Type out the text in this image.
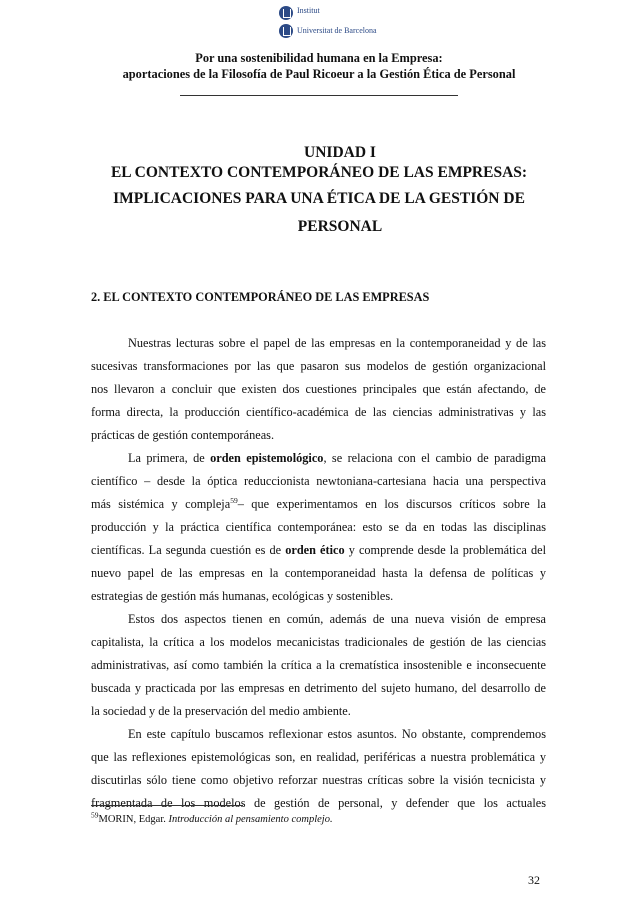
Institut
Universitat de Barcelona
Por una sostenibilidad humana en la Empresa:
aportaciones de la Filosofía de Paul Ricoeur a la Gestión Ética de Personal
UNIDAD I
EL CONTEXTO CONTEMPORÁNEO DE LAS EMPRESAS:
IMPLICACIONES PARA UNA ÉTICA DE LA GESTIÓN DE
PERSONAL
2. EL CONTEXTO CONTEMPORÁNEO DE LAS EMPRESAS
Nuestras lecturas sobre el papel de las empresas en la contemporaneidad y de las
sucesivas transformaciones por las que pasaron sus modelos de gestión organizacional
nos llevaron a concluir que existen dos cuestiones principales que están afectando, de
forma directa, la producción científico-académica de las ciencias administrativas y las
prácticas de gestión contemporáneas.
La primera, de orden epistemológico, se relaciona con el cambio de paradigma
científico – desde la óptica reduccionista newtoniana-cartesiana hacia una perspectiva
más sistémica y compleja$^{59}$– que experimentamos en los discursos críticos sobre la
producción y la práctica científica contemporánea: esto se da en todas las disciplinas
científicas. La segunda cuestión es de orden ético y comprende desde la problemática del
nuevo papel de las empresas en la contemporaneidad hasta la defensa de políticas y
estrategias de gestión más humanas, ecológicas y sostenibles.
Estos dos aspectos tienen en común, además de una nueva visión de empresa
capitalista, la crítica a los modelos mecanicistas tradicionales de gestión de las ciencias
administrativas, así como también la crítica a la crematística insostenible e inconsecuente
buscada y practicada por las empresas en detrimento del sujeto humano, del desarrollo de
la sociedad y de la preservación del medio ambiente.
En este capítulo buscamos reflexionar estos asuntos. No obstante, comprendemos
que las reflexiones epistemológicas son, en realidad, periféricas a nuestra problemática y
discutirlas sólo tiene como objetivo reforzar nuestras críticas sobre la visión tecnicista y
fragmentada de los modelos de gestión de personal, y defender que los actuales
$^{59}$MORIN, Edgar. Introducción al pensamiento complejo.
32
